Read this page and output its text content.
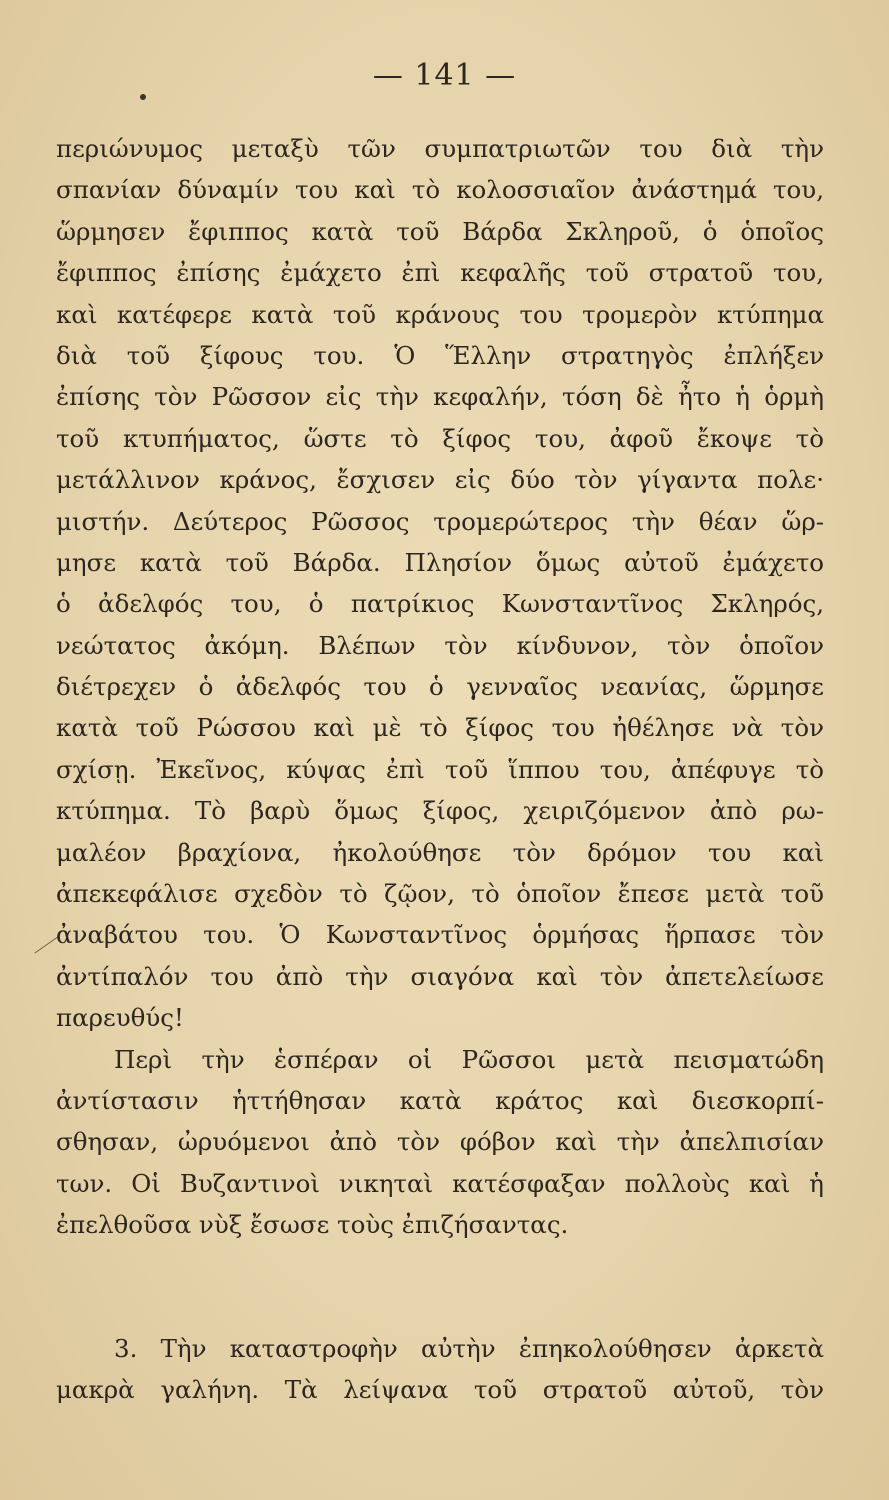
— 141 —
περιώνυμος μεταξὺ τῶν συμπατριωτῶν του διὰ τὴν
σπανίαν δύναμίν του καὶ τὸ κολοσσιαῖον ἀνάστημά του,
ὥρμησεν ἔφιππος κατὰ τοῦ Βάρδα Σκληροῦ, ὁ ὁποῖος
ἔφιππος ἐπίσης ἐμάχετο ἐπὶ κεφαλῆς τοῦ στρατοῦ του,
καὶ κατέφερε κατὰ τοῦ κράνους του τρομερὸν κτύπημα
διὰ τοῦ ξίφους του. Ὁ Ἕλλην στρατηγὸς ἐπλήξεν
ἐπίσης τὸν Ρῶσσον εἰς τὴν κεφαλήν, τόση δὲ ἦτο ἡ ὁρμὴ
τοῦ κτυπήματος, ὥστε τὸ ξίφος του, ἀφοῦ ἔκοψε τὸ
μετάλλινον κράνος, ἔσχισεν εἰς δύο τὸν γίγαντα πολε·
μιστήν. Δεύτερος Ρῶσσος τρομερώτερος τὴν θέαν ὥρ-
μησε κατὰ τοῦ Βάρδα. Πλησίον ὅμως αὐτοῦ ἐμάχετο
ὁ ἀδελφός του, ὁ πατρίκιος Κωνσταντῖνος Σκληρός,
νεώτατος ἀκόμη. Βλέπων τὸν κίνδυνον, τὸν ὁποῖον
διέτρεχεν ὁ ἀδελφός του ὁ γενναῖος νεανίας, ὥρμησε
κατὰ τοῦ Ρώσσου καὶ μὲ τὸ ξίφος του ἠθέλησε νὰ τὸν
σχίσῃ. Ἐκεῖνος, κύψας ἐπὶ τοῦ ἵππου του, ἀπέφυγε τὸ
κτύπημα. Τὸ βαρὺ ὅμως ξίφος, χειριζόμενον ἀπὸ ρω-
μαλέον βραχίονα, ἠκολούθησε τὸν δρόμον του καὶ
ἀπεκεφάλισε σχεδὸν τὸ ζῷον, τὸ ὁποῖον ἔπεσε μετὰ τοῦ
ἀναβάτου του. Ὁ Κωνσταντῖνος ὁρμήσας ἥρπασε τὸν
ἀντίπαλόν του ἀπὸ τὴν σιαγόνα καὶ τὸν ἀπετελείωσε
παρευθύς!
Περὶ τὴν ἑσπέραν οἱ Ρῶσσοι μετὰ πεισματώδη
ἀντίστασιν ἡττήθησαν κατὰ κράτος καὶ διεσκορπί-
σθησαν, ὠρυόμενοι ἀπὸ τὸν φόβον καὶ τὴν ἀπελπισίαν
των. Οἱ Βυζαντινοὶ νικηταὶ κατέσφαξαν πολλοὺς καὶ ἡ
ἐπελθοῦσα νὺξ ἔσωσε τοὺς ἐπιζήσαντας.
3. Τὴν καταστροφὴν αὐτὴν ἐπηκολούθησεν ἀρκετὰ
μακρὰ γαλήνη. Τὰ λείψανα τοῦ στρατοῦ αὐτοῦ, τὸν
